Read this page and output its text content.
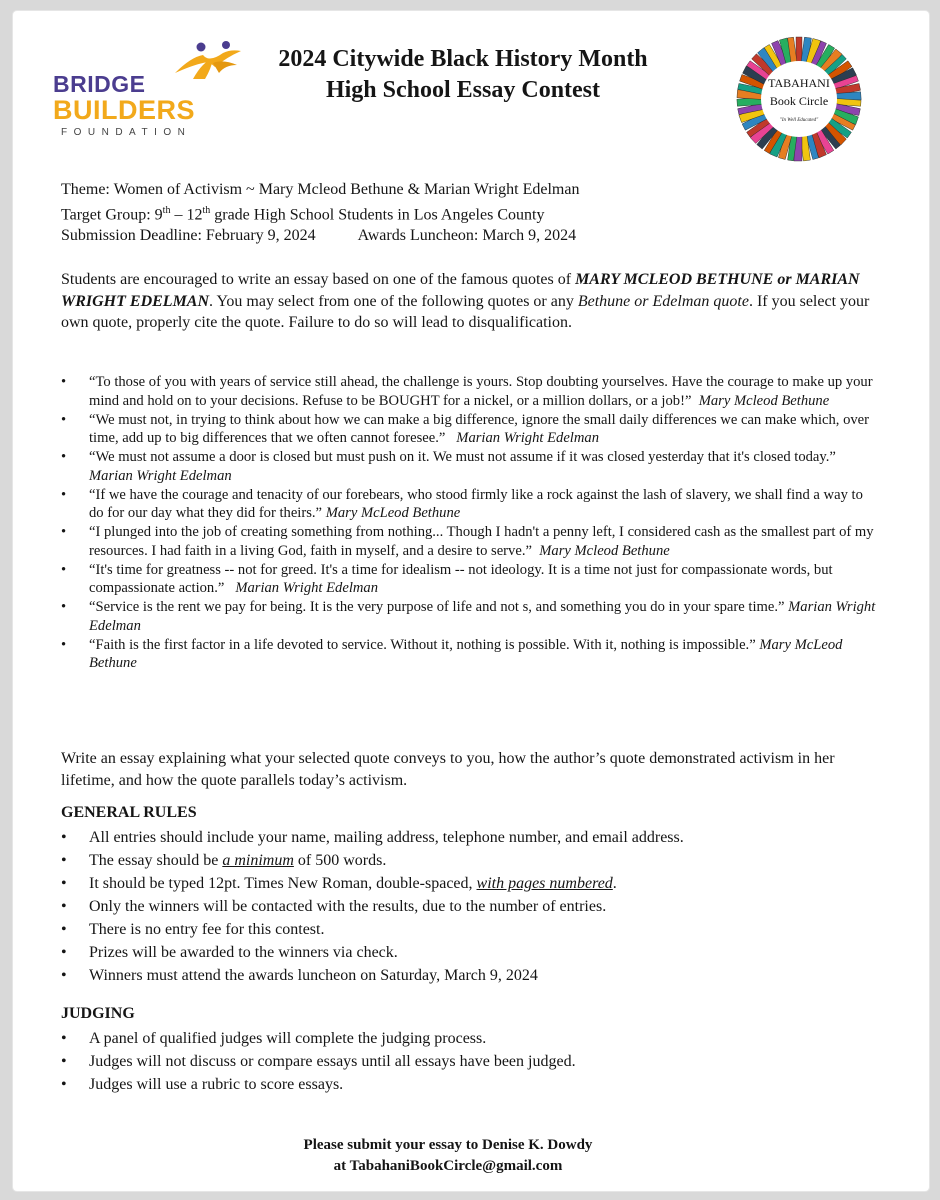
BRIDGE
BUILDERS
FOUNDATION
2024 Citywide Black History Month
High School Essay Contest	TABAHANI
Book Circle
"In Well Educated"
Theme: Women of Activism ~ Mary Mcleod Bethune & Marian Wright Edelman
Target Group: 9th – 12th grade High School Students in Los Angeles County
Submission Deadline: February 9, 2024	Awards Luncheon: March 9, 2024
Students are encouraged to write an essay based on one of the famous quotes of MARY MCLEOD BETHUNE or MARIAN WRIGHT EDELMAN. You may select from one of the following quotes or any Bethune or Edelman quote. If you select your own quote, properly cite the quote. Failure to do so will lead to disqualification.
• “To those of you with years of service still ahead, the challenge is yours. Stop doubting yourselves. Have the courage to make up your mind and hold on to your decisions. Refuse to be BOUGHT for a nickel, or a million dollars, or a job!” Mary Mcleod Bethune
• “We must not, in trying to think about how we can make a big difference, ignore the small daily differences we can make which, over time, add up to big differences that we often cannot foresee.” Marian Wright Edelman
• “We must not assume a door is closed but must push on it. We must not assume if it was closed yesterday that it's closed today.” Marian Wright Edelman
• “If we have the courage and tenacity of our forebears, who stood firmly like a rock against the lash of slavery, we shall find a way to do for our day what they did for theirs.” Mary McLeod Bethune
• “I plunged into the job of creating something from nothing... Though I hadn't a penny left, I considered cash as the smallest part of my resources. I had faith in a living God, faith in myself, and a desire to serve.” Mary Mcleod Bethune
• “It's time for greatness -- not for greed. It's a time for idealism -- not ideology. It is a time not just for compassionate words, but compassionate action.” Marian Wright Edelman
• “Service is the rent we pay for being. It is the very purpose of life and not s, and something you do in your spare time.” Marian Wright Edelman
• “Faith is the first factor in a life devoted to service. Without it, nothing is possible. With it, nothing is impossible.” Mary McLeod Bethune
Write an essay explaining what your selected quote conveys to you, how the author’s quote demonstrated activism in her lifetime, and how the quote parallels today’s activism.
GENERAL RULES
• All entries should include your name, mailing address, telephone number, and email address.
• The essay should be a minimum of 500 words.
• It should be typed 12pt. Times New Roman, double-spaced, with pages numbered.
• Only the winners will be contacted with the results, due to the number of entries.
• There is no entry fee for this contest.
• Prizes will be awarded to the winners via check.
• Winners must attend the awards luncheon on Saturday, March 9, 2024
JUDGING
• A panel of qualified judges will complete the judging process.
• Judges will not discuss or compare essays until all essays have been judged.
• Judges will use a rubric to score essays.
Please submit your essay to Denise K. Dowdy
at TabahaniBookCircle@gmail.com
